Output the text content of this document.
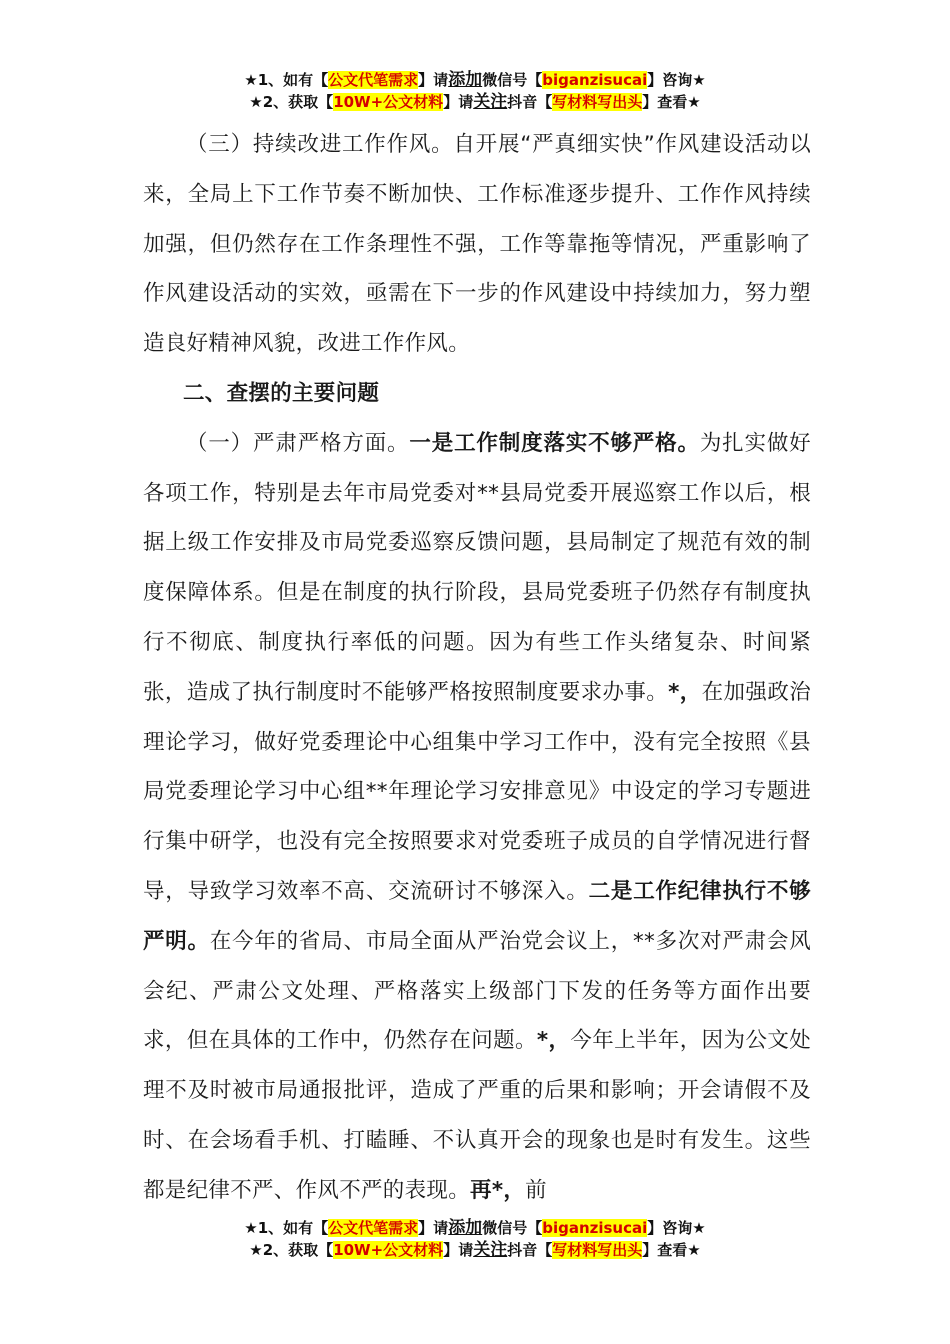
★1、如有【公文代笔需求】请添加微信号【biganzisucai】咨询★
★2、获取【10W+公文材料】请关注抖音【写材料写出头】查看★

（三）持续改进工作作风。自开展“严真细实快”作风建设活动以来，全局上下工作节奏不断加快、工作标准逐步提升、工作作风持续加强，但仍然存在工作条理性不强，工作等靠拖等情况，严重影响了作风建设活动的实效，亟需在下一步的作风建设中持续加力，努力塑造良好精神风貌，改进工作作风。

二、查摆的主要问题

（一）严肃严格方面。一是工作制度落实不够严格。为扎实做好各项工作，特别是去年市局党委对**县局党委开展巡察工作以后，根据上级工作安排及市局党委巡察反馈问题，县局制定了规范有效的制度保障体系。但是在制度的执行阶段，县局党委班子仍然存有制度执行不彻底、制度执行率低的问题。因为有些工作头绪复杂、时间紧张，造成了执行制度时不能够严格按照制度要求办事。*，在加强政治理论学习，做好党委理论中心组集中学习工作中，没有完全按照《县局党委理论学习中心组**年理论学习安排意见》中设定的学习专题进行集中研学，也没有完全按照要求对党委班子成员的自学情况进行督导，导致学习效率不高、交流研讨不够深入。二是工作纪律执行不够严明。在今年的省局、市局全面从严治党会议上，**多次对严肃会风会纪、严肃公文处理、严格落实上级部门下发的任务等方面作出要求，但在具体的工作中，仍然存在问题。*，今年上半年，因为公文处理不及时被市局通报批评，造成了严重的后果和影响；开会请假不及时、在会场看手机、打瞌睡、不认真开会的现象也是时有发生。这些都是纪律不严、作风不严的表现。再*，前

★1、如有【公文代笔需求】请添加微信号【biganzisucai】咨询★
★2、获取【10W+公文材料】请关注抖音【写材料写出头】查看★
